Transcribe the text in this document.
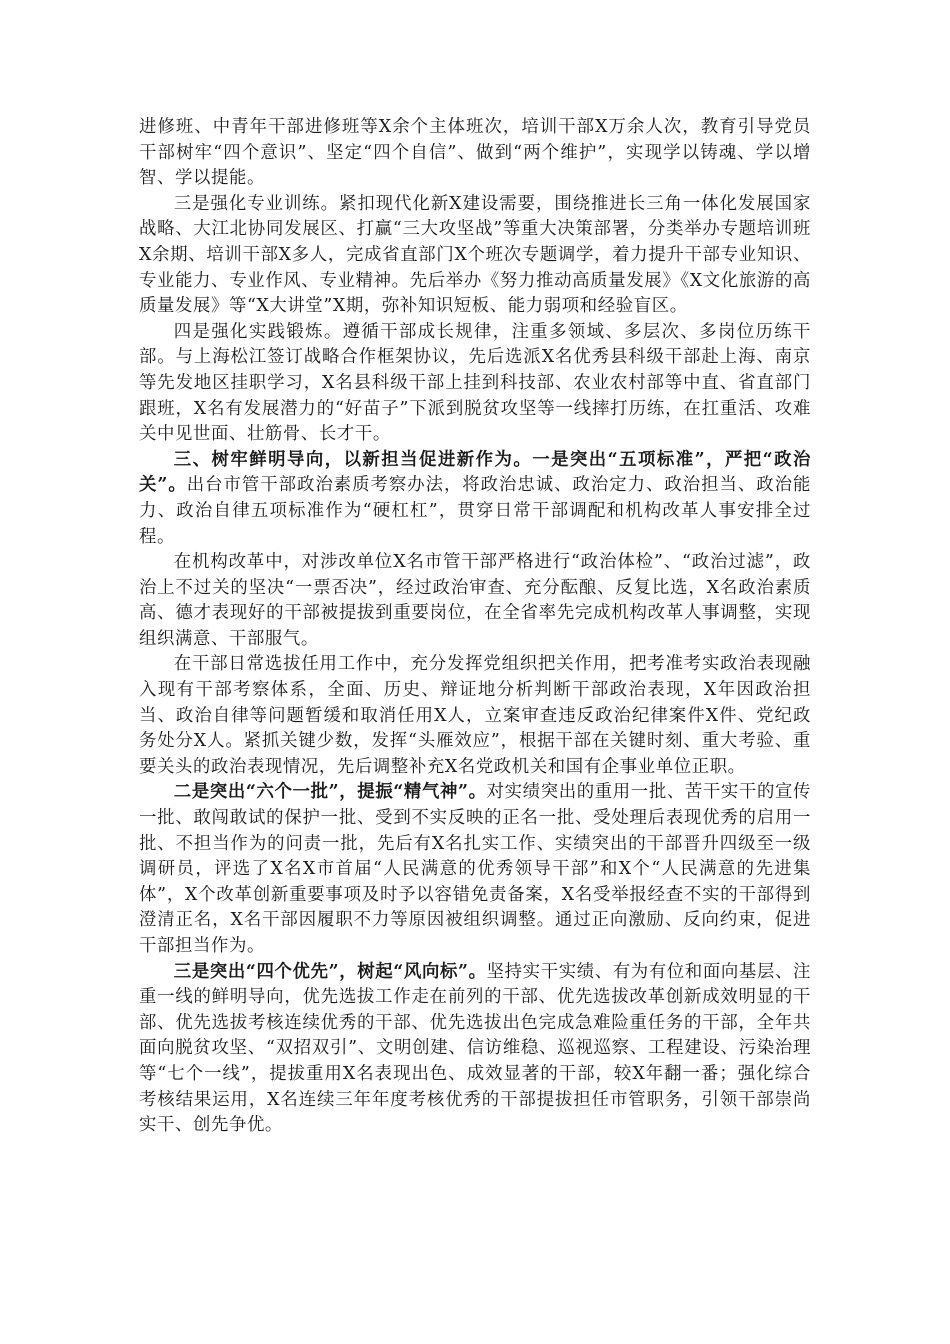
进修班、中青年干部进修班等X余个主体班次，培训干部X万余人次，教育引导党员干部树牢“四个意识”、坚定“四个自信”、做到“两个维护”，实现学以铸魂、学以增智、学以提能。

三是强化专业训练。紧扣现代化新X建设需要，围绕推进长三角一体化发展国家战略、大江北协同发展区、打赢“三大攻坚战”等重大决策部署，分类举办专题培训班X余期、培训干部X多人，完成省直部门X个班次专题调学，着力提升干部专业知识、专业能力、专业作风、专业精神。先后举办《努力推动高质量发展》《X文化旅游的高质量发展》等“X大讲堂”X期，弥补知识短板、能力弱项和经验盲区。

四是强化实践锻炼。遵循干部成长规律，注重多领域、多层次、多岗位历练干部。与上海松江签订战略合作框架协议，先后选派X名优秀县科级干部赴上海、南京等先发地区挂职学习，X名县科级干部上挂到科技部、农业农村部等中直、省直部门跟班，X名有发展潜力的“好苗子”下派到脱贫攻坚等一线摔打历练，在扛重活、攻难关中见世面、壮筋骨、长才干。

三、树牢鲜明导向，以新担当促进新作为。一是突出“五项标准”，严把“政治关”。出台市管干部政治素质考察办法，将政治忠诚、政治定力、政治担当、政治能力、政治自律五项标准作为“硬杠杠”，贯穿日常干部调配和机构改革人事安排全过程。

在机构改革中，对涉改单位X名市管干部严格进行“政治体检”、“政治过滤”，政治上不过关的坚决“一票否决”，经过政治审查、充分酝酿、反复比选，X名政治素质高、德才表现好的干部被提拔到重要岗位，在全省率先完成机构改革人事调整，实现组织满意、干部服气。

在干部日常选拔任用工作中，充分发挥党组织把关作用，把考准考实政治表现融入现有干部考察体系，全面、历史、辩证地分析判断干部政治表现，X年因政治担当、政治自律等问题暂缓和取消任用X人，立案审查违反政治纪律案件X件、党纪政务处分X人。紧抓关键少数，发挥“头雁效应”，根据干部在关键时刻、重大考验、重要关头的政治表现情况，先后调整补充X名党政机关和国有企事业单位正职。

二是突出“六个一批”，提振“精气神”。对实绩突出的重用一批、苦干实干的宣传一批、敢闯敢试的保护一批、受到不实反映的正名一批、受处理后表现优秀的启用一批、不担当作为的问责一批，先后有X名扎实工作、实绩突出的干部晋升四级至一级调研员，评选了X名X市首届“人民满意的优秀领导干部”和X个“人民满意的先进集体”，X个改革创新重要事项及时予以容错免责备案，X名受举报经查不实的干部得到澄清正名，X名干部因履职不力等原因被组织调整。通过正向激励、反向约束，促进干部担当作为。

三是突出“四个优先”，树起“风向标”。坚持实干实绩、有为有位和面向基层、注重一线的鲜明导向，优先选拔工作走在前列的干部、优先选拔改革创新成效明显的干部、优先选拔考核连续优秀的干部、优先选拔出色完成急难险重任务的干部，全年共面向脱贫攻坚、“双招双引”、文明创建、信访维稳、巡视巡察、工程建设、污染治理等“七个一线”，提拔重用X名表现出色、成效显著的干部，较X年翻一番；强化综合考核结果运用，X名连续三年年度考核优秀的干部提拔担任市管职务，引领干部崇尚实干、创先争优。
